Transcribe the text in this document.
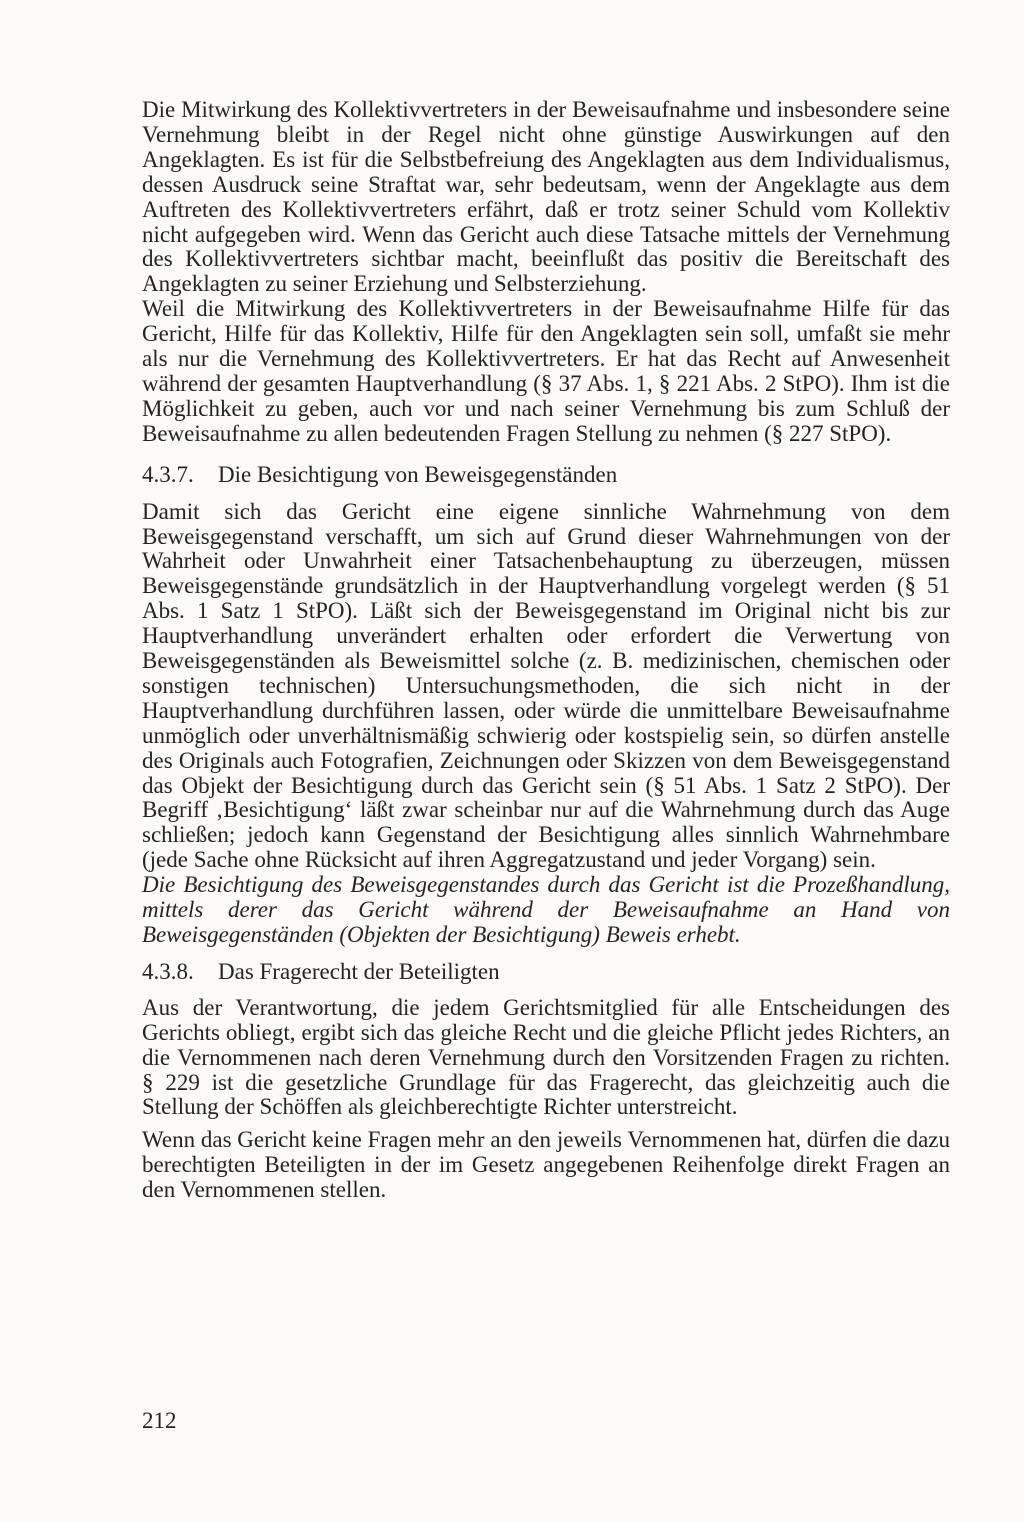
Die Mitwirkung des Kollektivvertreters in der Beweisaufnahme und insbesondere seine Vernehmung bleibt in der Regel nicht ohne günstige Auswirkungen auf den Angeklagten. Es ist für die Selbstbefreiung des Angeklagten aus dem Individualismus, dessen Ausdruck seine Straftat war, sehr bedeutsam, wenn der Angeklagte aus dem Auftreten des Kollektivvertreters erfährt, daß er trotz seiner Schuld vom Kollektiv nicht aufgegeben wird. Wenn das Gericht auch diese Tatsache mittels der Vernehmung des Kollektivvertreters sichtbar macht, beeinflußt das positiv die Bereitschaft des Angeklagten zu seiner Erziehung und Selbsterziehung.

Weil die Mitwirkung des Kollektivvertreters in der Beweisaufnahme Hilfe für das Gericht, Hilfe für das Kollektiv, Hilfe für den Angeklagten sein soll, umfaßt sie mehr als nur die Vernehmung des Kollektivvertreters. Er hat das Recht auf Anwesenheit während der gesamten Hauptverhandlung (§ 37 Abs. 1, § 221 Abs. 2 StPO). Ihm ist die Möglichkeit zu geben, auch vor und nach seiner Vernehmung bis zum Schluß der Beweisaufnahme zu allen bedeutenden Fragen Stellung zu nehmen (§ 227 StPO).

4.3.7. Die Besichtigung von Beweisgegenständen

Damit sich das Gericht eine eigene sinnliche Wahrnehmung von dem Beweisgegenstand verschafft, um sich auf Grund dieser Wahrnehmungen von der Wahrheit oder Unwahrheit einer Tatsachenbehauptung zu überzeugen, müssen Beweisgegenstände grundsätzlich in der Hauptverhandlung vorgelegt werden (§ 51 Abs. 1 Satz 1 StPO). Läßt sich der Beweisgegenstand im Original nicht bis zur Hauptverhandlung unverändert erhalten oder erfordert die Verwertung von Beweisgegenständen als Beweismittel solche (z. B. medizinischen, chemischen oder sonstigen technischen) Untersuchungsmethoden, die sich nicht in der Hauptverhandlung durchführen lassen, oder würde die unmittelbare Beweisaufnahme unmöglich oder unverhältnismäßig schwierig oder kostspielig sein, so dürfen anstelle des Originals auch Fotografien, Zeichnungen oder Skizzen von dem Beweisgegenstand das Objekt der Besichtigung durch das Gericht sein (§ 51 Abs. 1 Satz 2 StPO). Der Begriff ‚Besichtigung‘ läßt zwar scheinbar nur auf die Wahrnehmung durch das Auge schließen; jedoch kann Gegenstand der Besichtigung alles sinnlich Wahrnehmbare (jede Sache ohne Rücksicht auf ihren Aggregatzustand und jeder Vorgang) sein.

Die Besichtigung des Beweisgegenstandes durch das Gericht ist die Prozeßhandlung, mittels derer das Gericht während der Beweisaufnahme an Hand von Beweisgegenständen (Objekten der Besichtigung) Beweis erhebt.

4.3.8. Das Fragerecht der Beteiligten

Aus der Verantwortung, die jedem Gerichtsmitglied für alle Entscheidungen des Gerichts obliegt, ergibt sich das gleiche Recht und die gleiche Pflicht jedes Richters, an die Vernommenen nach deren Vernehmung durch den Vorsitzenden Fragen zu richten. § 229 ist die gesetzliche Grundlage für das Fragerecht, das gleichzeitig auch die Stellung der Schöffen als gleichberechtigte Richter unterstreicht.

Wenn das Gericht keine Fragen mehr an den jeweils Vernommenen hat, dürfen die dazu berechtigten Beteiligten in der im Gesetz angegebenen Reihenfolge direkt Fragen an den Vernommenen stellen.

212
